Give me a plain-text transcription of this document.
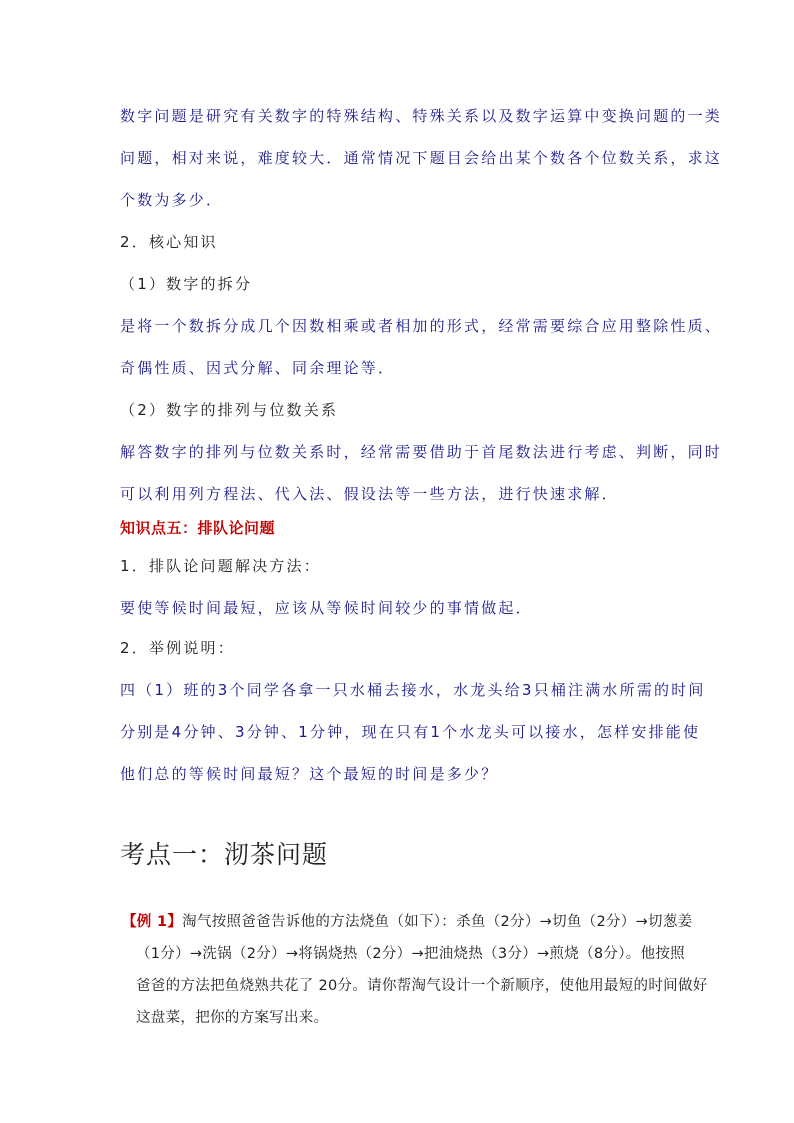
数字问题是研究有关数字的特殊结构、特殊关系以及数字运算中变换问题的一类
问题，相对来说，难度较大．通常情况下题目会给出某个数各个位数关系，求这
个数为多少．
2．核心知识
（1）数字的拆分
是将一个数拆分成几个因数相乘或者相加的形式，经常需要综合应用整除性质、
奇偶性质、因式分解、同余理论等．
（2）数字的排列与位数关系
解答数字的排列与位数关系时，经常需要借助于首尾数法进行考虑、判断，同时
可以利用列方程法、代入法、假设法等一些方法，进行快速求解．
知识点五：排队论问题
1．排队论问题解决方法：
要使等候时间最短，应该从等候时间较少的事情做起．
2．举例说明：
四（1）班的3个同学各拿一只水桶去接水，水龙头给3只桶注满水所需的时间
分别是4分钟、3分钟、1分钟，现在只有1个水龙头可以接水，怎样安排能使
他们总的等候时间最短？这个最短的时间是多少？
考点一：沏茶问题
【例 1】淘气按照爸爸告诉他的方法烧鱼（如下）：杀鱼（2分）→切鱼（2分）→切葱姜
（1分）→洗锅（2分）→将锅烧热（2分）→把油烧热（3分）→煎烧（8分）。他按照
爸爸的方法把鱼烧熟共花了 20分。请你帮淘气设计一个新顺序，使他用最短的时间做好
这盘菜，把你的方案写出来。
